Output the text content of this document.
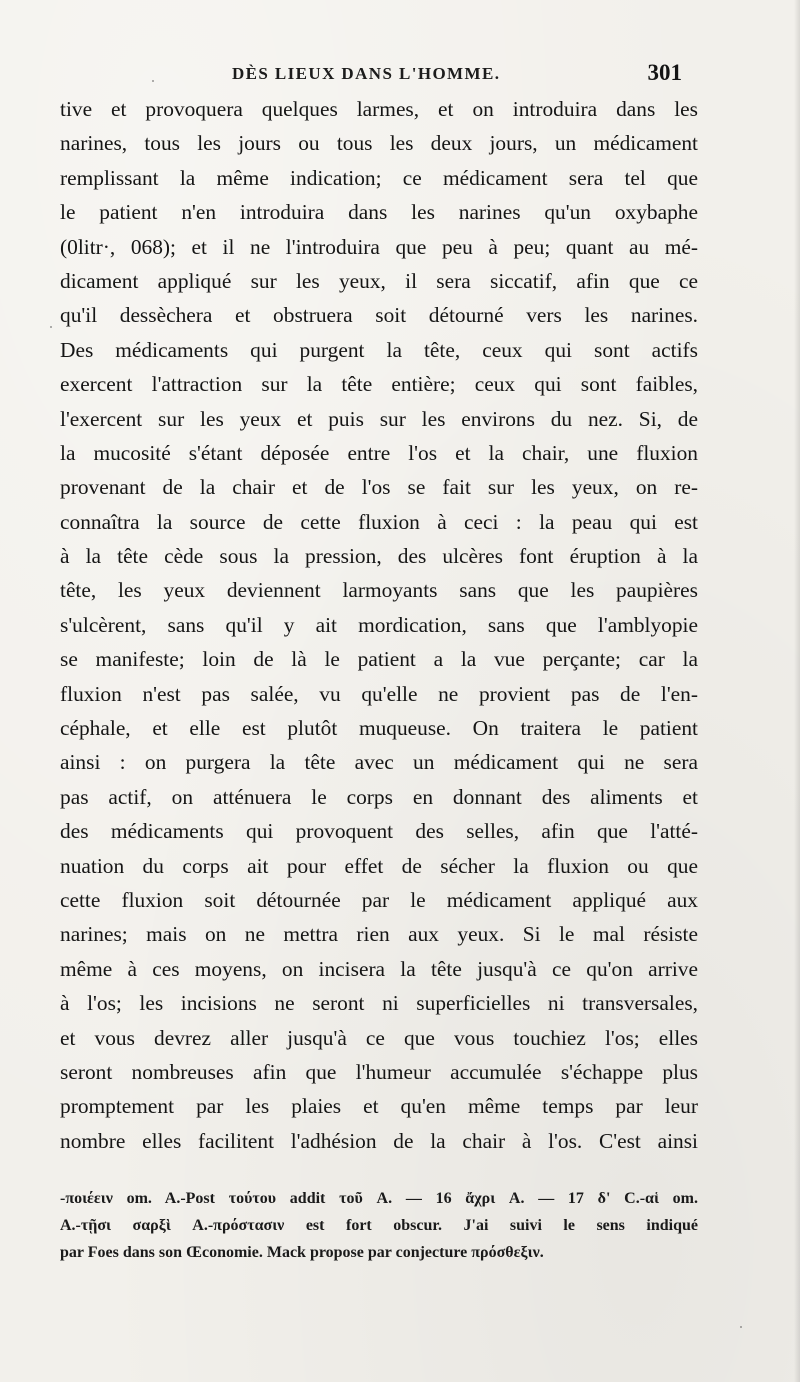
DÈS LIEUX DANS L'HOMME.	301
tive et provoquera quelques larmes, et on introduira dans les
narines, tous les jours ou tous les deux jours, un médicament
remplissant la même indication; ce médicament sera tel que
le patient n'en introduira dans les narines qu'un oxybaphe
(0litr·, 068); et il ne l'introduira que peu à peu; quant au mé-
dicament appliqué sur les yeux, il sera siccatif, afin que ce
qu'il dessèchera et obstruera soit détourné vers les narines.
Des médicaments qui purgent la tête, ceux qui sont actifs
exercent l'attraction sur la tête entière; ceux qui sont faibles,
l'exercent sur les yeux et puis sur les environs du nez. Si, de
la mucosité s'étant déposée entre l'os et la chair, une fluxion
provenant de la chair et de l'os se fait sur les yeux, on re-
connaîtra la source de cette fluxion à ceci : la peau qui est
à la tête cède sous la pression, des ulcères font éruption à la
tête, les yeux deviennent larmoyants sans que les paupières
s'ulcèrent, sans qu'il y ait mordication, sans que l'amblyopie
se manifeste; loin de là le patient a la vue perçante; car la
fluxion n'est pas salée, vu qu'elle ne provient pas de l'en-
céphale, et elle est plutôt muqueuse. On traitera le patient
ainsi : on purgera la tête avec un médicament qui ne sera
pas actif, on atténuera le corps en donnant des aliments et
des médicaments qui provoquent des selles, afin que l'atté-
nuation du corps ait pour effet de sécher la fluxion ou que
cette fluxion soit détournée par le médicament appliqué aux
narines; mais on ne mettra rien aux yeux. Si le mal résiste
même à ces moyens, on incisera la tête jusqu'à ce qu'on arrive
à l'os; les incisions ne seront ni superficielles ni transversales,
et vous devrez aller jusqu'à ce que vous touchiez l'os; elles
seront nombreuses afin que l'humeur accumulée s'échappe plus
promptement par les plaies et qu'en même temps par leur
nombre elles facilitent l'adhésion de la chair à l'os. C'est ainsi
-ποιέειν om. A.-Post τούτου addit τοῦ A. — 16 ἄχρι A. — 17 δ' C.-αἱ om.
A.-τῇσι σαρξὶ A.-πρόστασιν est fort obscur. J'ai suivi le sens indiqué
par Foes dans son Œconomie. Mack propose par conjecture πρόσθεξιν.
